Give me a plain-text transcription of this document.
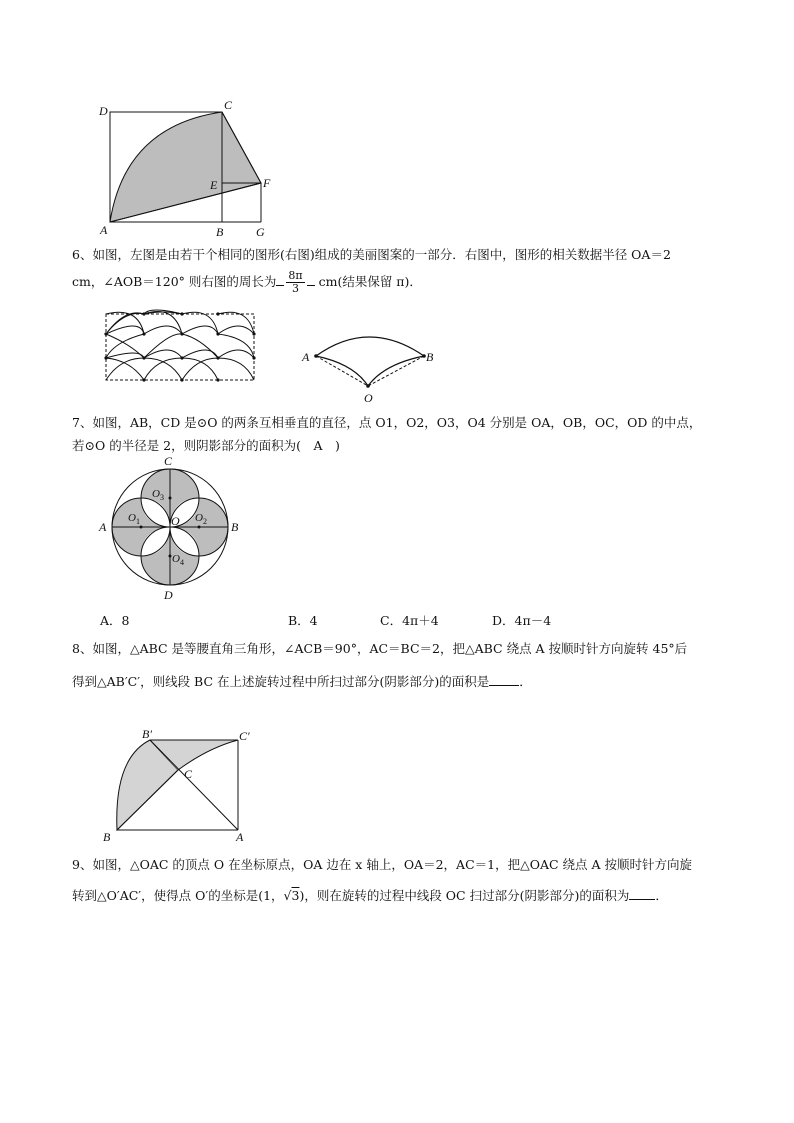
D	C
E	F
A	B	G
6、如图，左图是由若干个相同的图形(右图)组成的美丽图案的一部分．右图中，图形的相关数据半径 OA＝2
cm，∠AOB＝120° 则右图的周长为 $\frac{8\pi}{3} cm$(结果保留 π)．
A	B
O
7、如图，AB，CD 是⊙O 的两条互相垂直的直径，点 O1，O2，O3，O4 分别是 OA，OB，OC，OD 的中点，
若⊙O 的半径是 2，则阴影部分的面积为(　A　)
A	B
C
D
O
$O_1$	$O_2$
$O_3$
$O_4$
A．8	B．4	C．4π＋4	D．4π－4
8、如图，△ABC 是等腰直角三角形，∠ACB＝90°，AC＝BC＝2，把△ABC 绕点 A 按顺时针方向旋转 45°后
得到△AB′C′，则线段 BC 在上述旋转过程中所扫过部分(阴影部分)的面积是 ．
B′	C′
C
B	A
9、如图，△OAC 的顶点 O 在坐标原点，OA 边在 x 轴上，OA＝2，AC＝1，把△OAC 绕点 A 按顺时针方向旋
转到△O′AC′，使得点 O′的坐标是(1，√3)，则在旋转的过程中线段 OC 扫过部分(阴影部分)的面积为 ．
